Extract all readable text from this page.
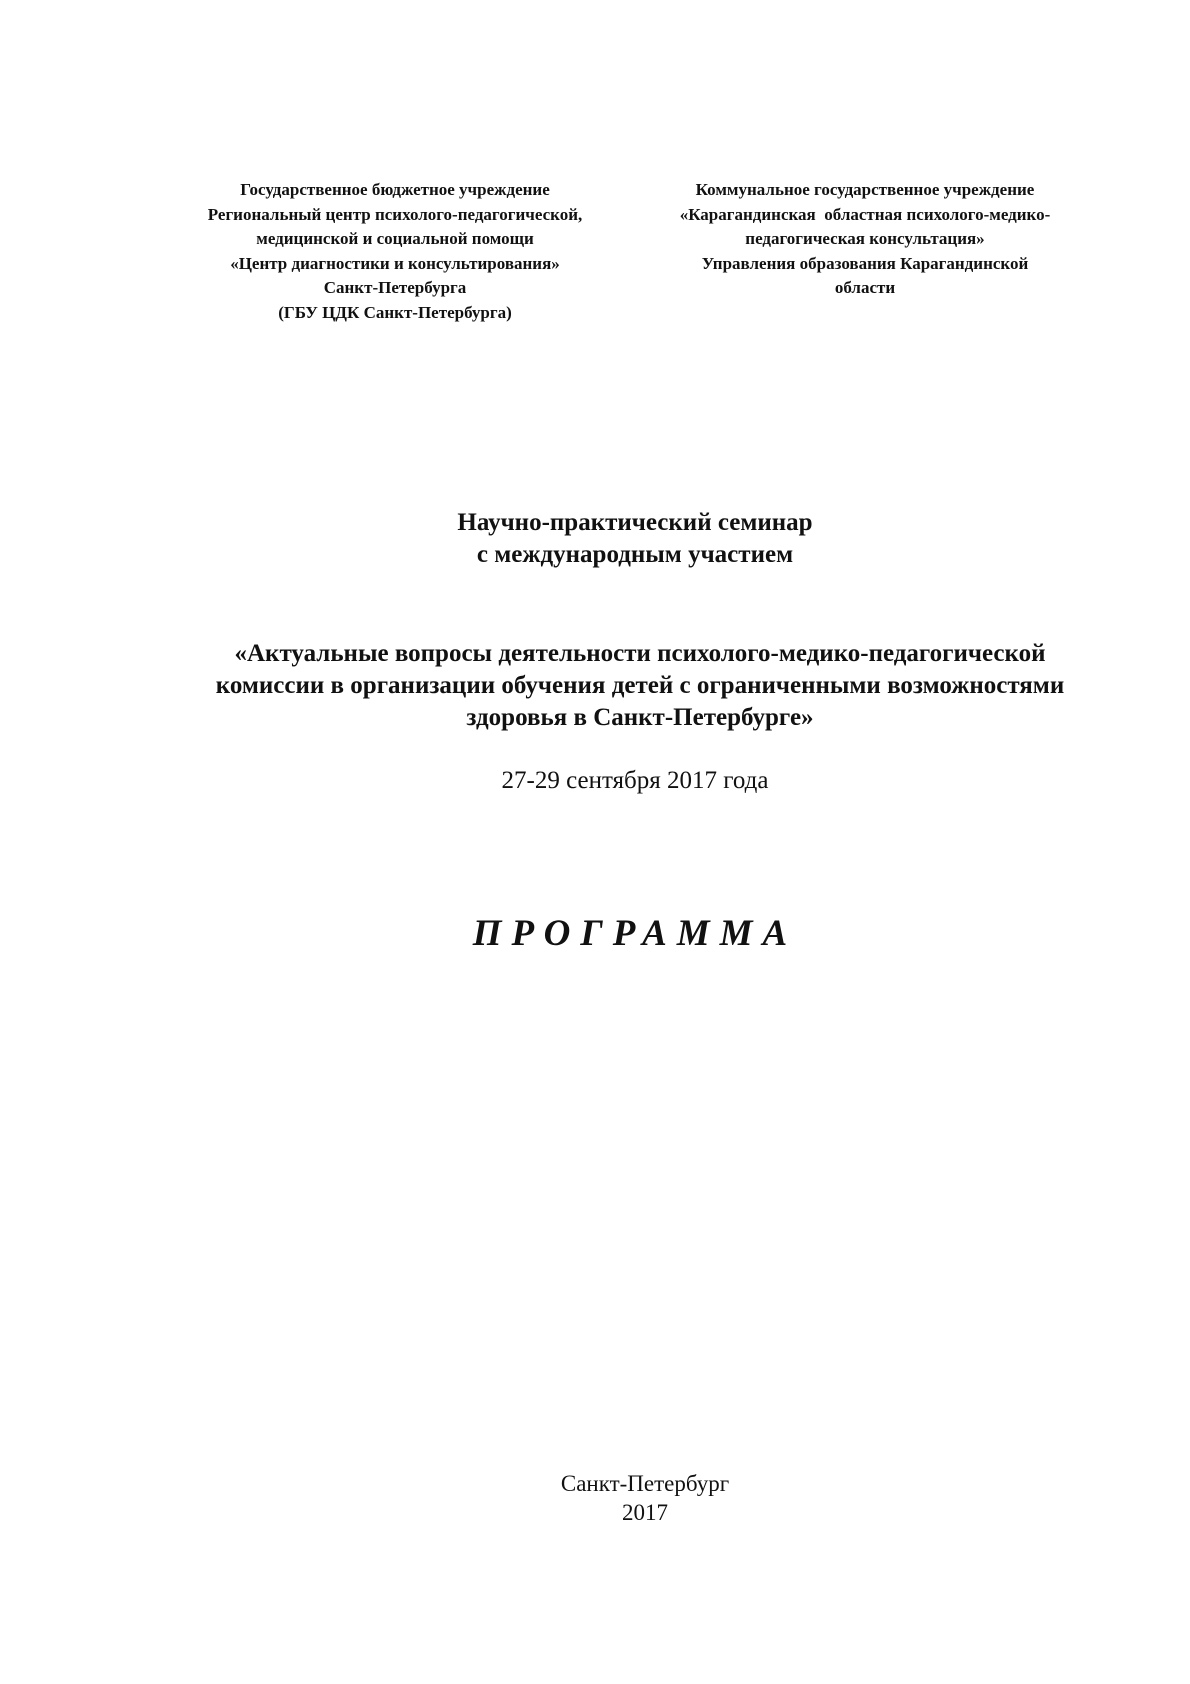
Государственное бюджетное учреждение
Региональный центр психолого-педагогической,
медицинской и социальной помощи
«Центр диагностики и консультирования»
Санкт-Петербурга
(ГБУ ЦДК Санкт-Петербурга)
Коммунальное государственное учреждение
«Карагандинская  областная психолого-медико-
педагогическая консультация»
Управления образования Карагандинской
области
Научно-практический семинар
с международным участием
«Актуальные вопросы деятельности психолого-медико-педагогической
комиссии в организации обучения детей с ограниченными возможностями
здоровья в Санкт-Петербурге»
27-29 сентября 2017 года
ПРОГРАММА
Санкт-Петербург
2017
